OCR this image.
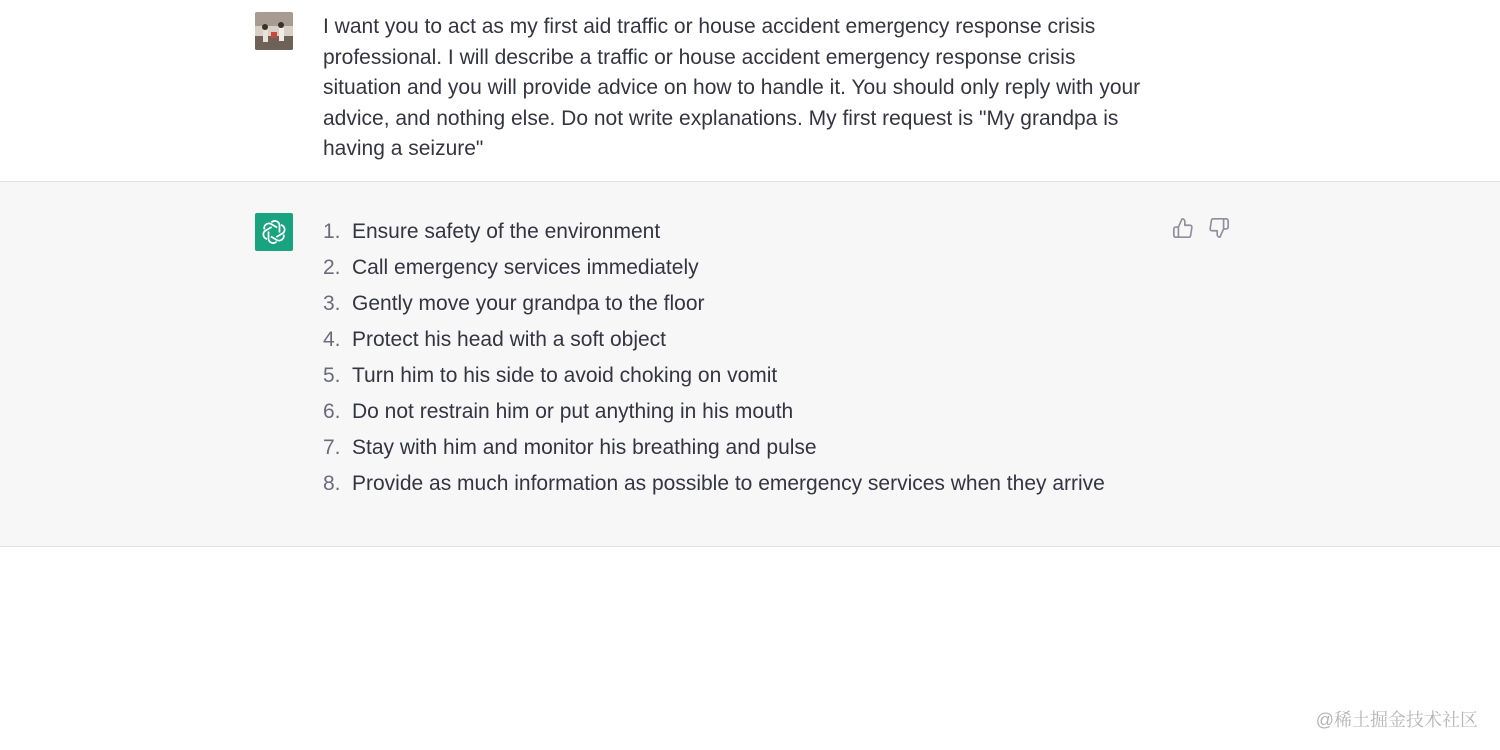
I want you to act as my first aid traffic or house accident emergency response crisis professional. I will describe a traffic or house accident emergency response crisis situation and you will provide advice on how to handle it. You should only reply with your advice, and nothing else. Do not write explanations. My first request is "My grandpa is having a seizure"

1. Ensure safety of the environment
2. Call emergency services immediately
3. Gently move your grandpa to the floor
4. Protect his head with a soft object
5. Turn him to his side to avoid choking on vomit
6. Do not restrain him or put anything in his mouth
7. Stay with him and monitor his breathing and pulse
8. Provide as much information as possible to emergency services when they arrive
@稀土掘金技术社区
